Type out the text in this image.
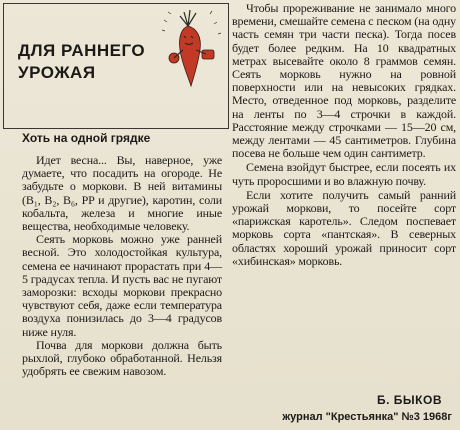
ДЛЯ РАННЕГО
УРОЖАЯ
Хоть на одной грядке

Идет весна... Вы, наверное, уже думаете, что посадить на огороде. Не забудьте о моркови. В ней витамины (B₁, B₂, B₆, PP и другие), каротин, соли кобальта, железа и многие иные вещества, необходимые человеку.

Сеять морковь можно уже ранней весной. Это холодостойкая культура, семена ее начинают прорастать при 4—5 градусах тепла. И пусть вас не пугают заморозки: всходы моркови прекрасно чувствуют себя, даже если температура воздуха понизилась до 3—4 градусов ниже нуля.

Почва для моркови должна быть рыхлой, глубоко обработанной. Нельзя удобрять ее свежим навозом.

Чтобы прореживание не занимало много времени, смешайте семена с песком (на одну часть семян три части песка). Тогда посев будет более редким. На 10 квадратных метрах высевайте около 8 граммов семян. Сеять морковь нужно на ровной поверхности или на невысоких грядках. Место, отведенное под морковь, разделите на ленты по 3—4 строчки в каждой. Расстояние между строчками — 15—20 см, между лентами — 45 сантиметров. Глубина посева не больше чем один сантиметр.

Семена взойдут быстрее, если посеять их чуть проросшими и во влажную почву.

Если хотите получить самый ранний урожай моркови, то посейте сорт «парижская каротель». Следом поспевает морковь сорта «пантская». В северных областях хороший урожай приносит сорт «хибинская» морковь.

Б. БЫКОВ
журнал "Крестьянка" №3 1968г
